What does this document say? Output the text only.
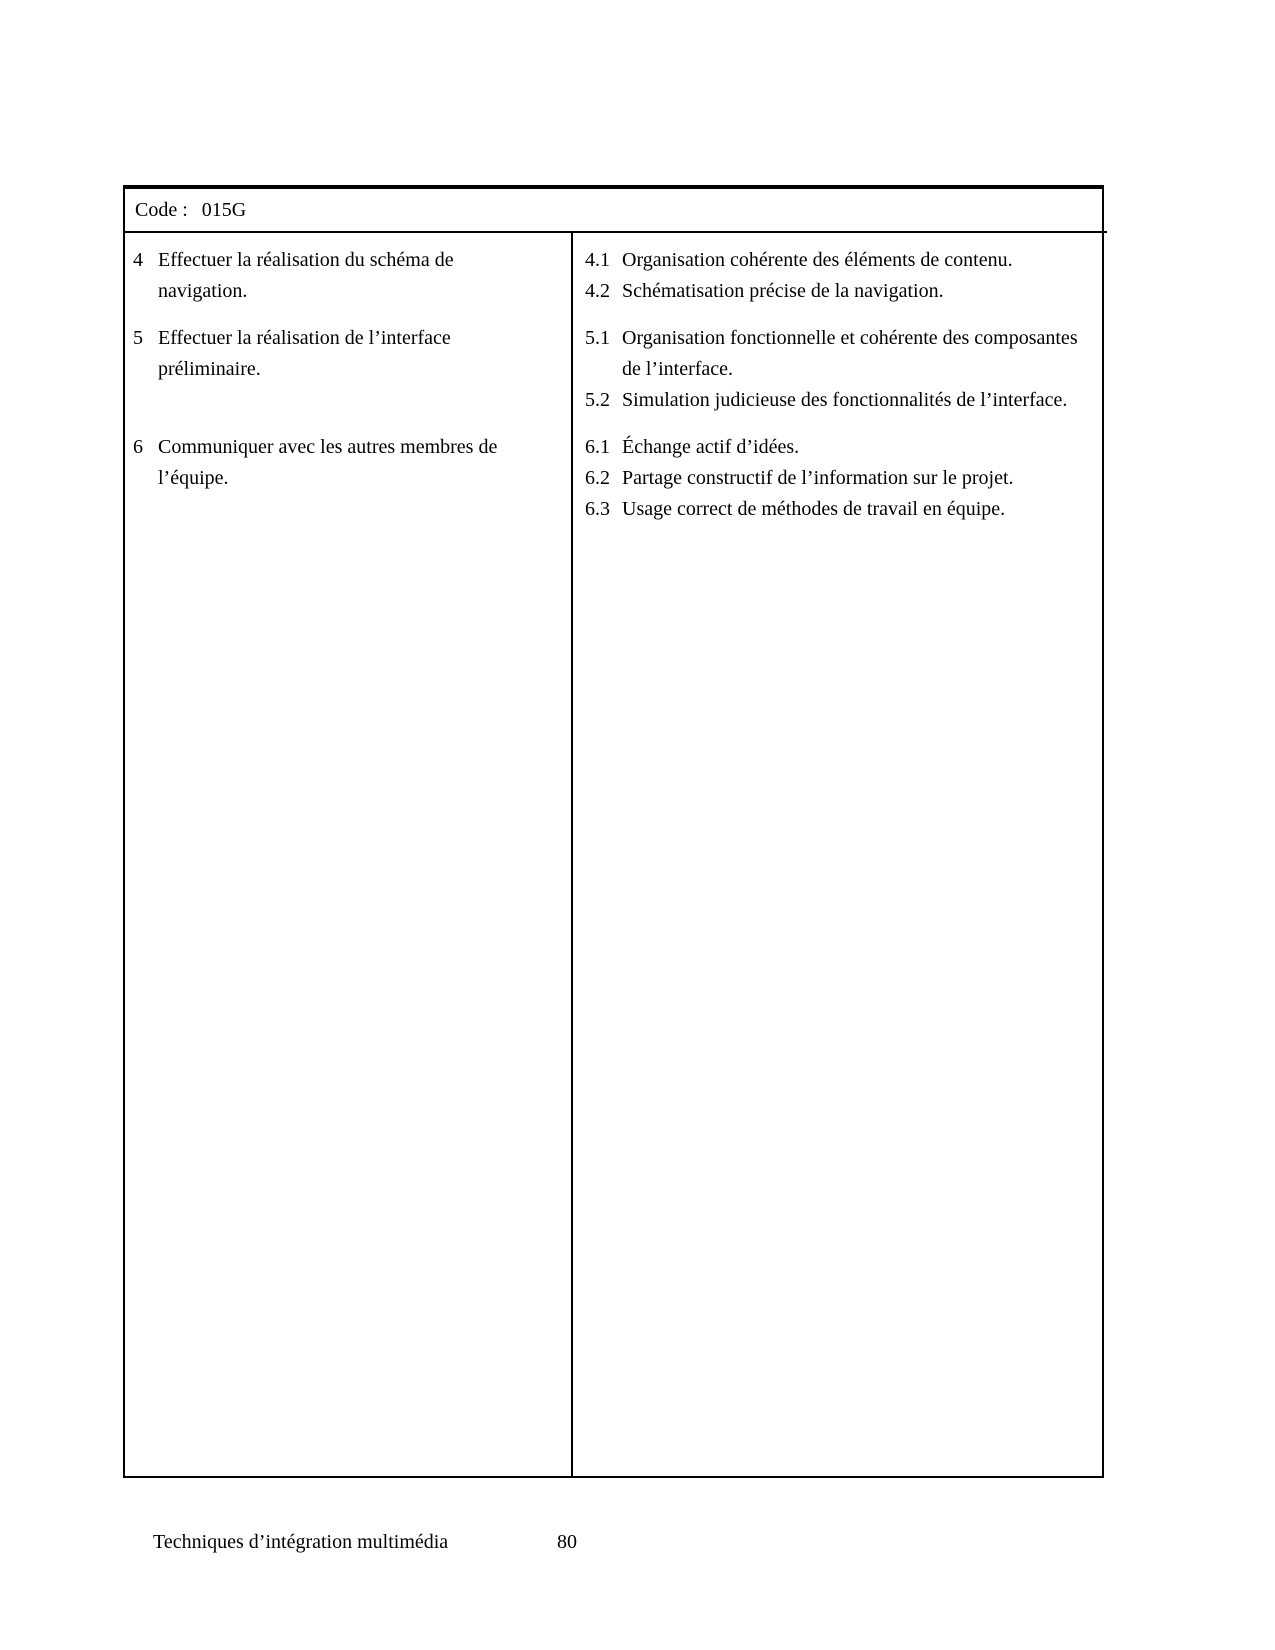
Code : 015G
4 Effectuer la réalisation du schéma de navigation.
4.1 Organisation cohérente des éléments de contenu.
4.2 Schématisation précise de la navigation.
5 Effectuer la réalisation de l’interface préliminaire.
5.1 Organisation fonctionnelle et cohérente des composantes de l’interface.
5.2 Simulation judicieuse des fonctionnalités de l’interface.
6 Communiquer avec les autres membres de l’équipe.
6.1 Échange actif d’idées.
6.2 Partage constructif de l’information sur le projet.
6.3 Usage correct de méthodes de travail en équipe.
Techniques d’intégration multimédia	80
